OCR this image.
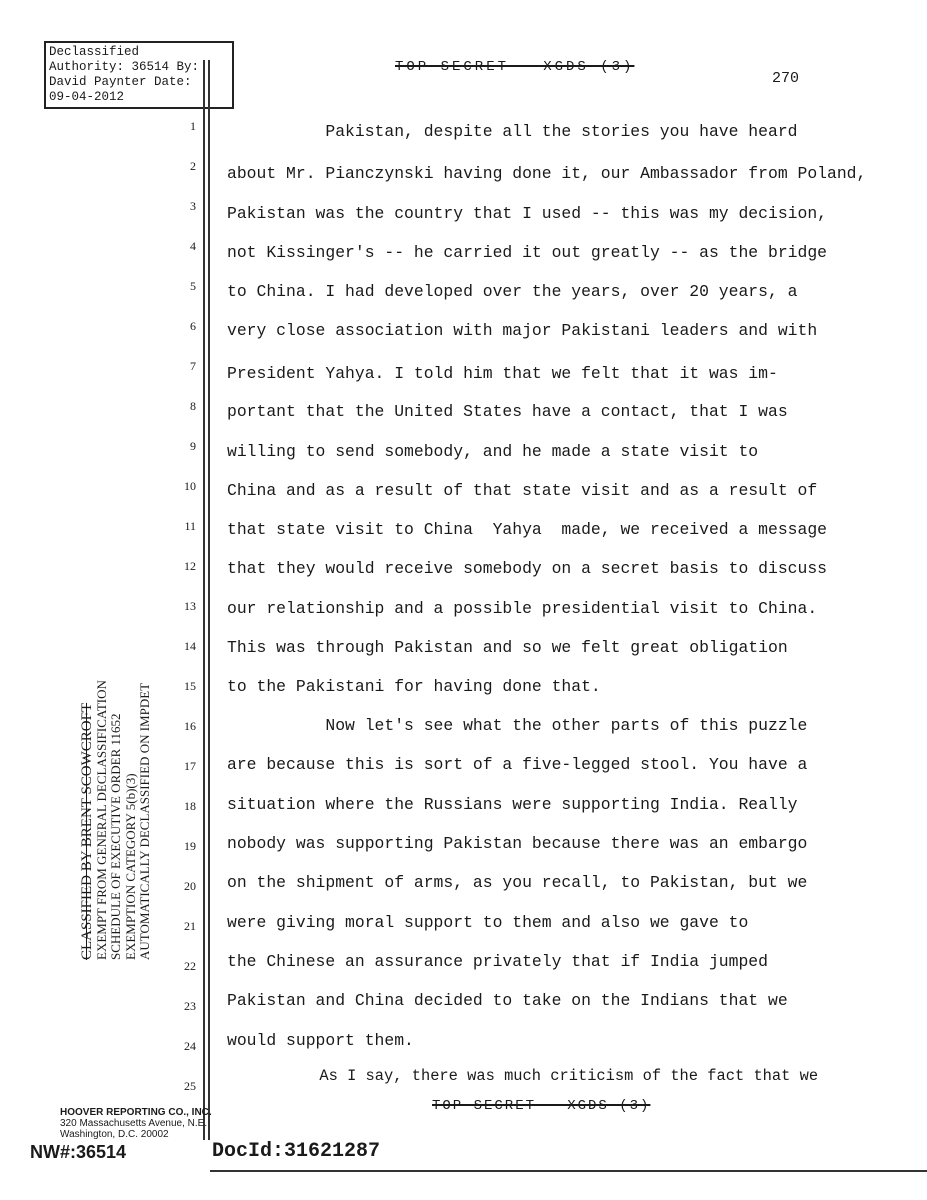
Declassified
Authority: 36514 By:
David Paynter Date:
09-04-2012
TOP SECRET - XGDS (3)
270
1
2
3
4
5
6
7
8
9
10
11
12
13
14
15
16
17
18
19
20
21
22
23
24
25
Pakistan, despite all the stories you have heard
about Mr. Pianczynski having done it, our Ambassador from Poland,
Pakistan was the country that I used -- this was my decision,
not Kissinger's -- he carried it out greatly -- as the bridge
to China. I had developed over the years, over 20 years, a
very close association with major Pakistani leaders and with
President Yahya. I told him that we felt that it was im-
portant that the United States have a contact, that I was
willing to send somebody, and he made a state visit to
China and as a result of that state visit and as a result of
that state visit to China  Yahya  made, we received a message
that they would receive somebody on a secret basis to discuss
our relationship and a possible presidential visit to China.
This was through Pakistan and so we felt great obligation
to the Pakistani for having done that.
Now let's see what the other parts of this puzzle
are because this is sort of a five-legged stool. You have a
situation where the Russians were supporting India. Really
nobody was supporting Pakistan because there was an embargo
on the shipment of arms, as you recall, to Pakistan, but we
were giving moral support to them and also we gave to
the Chinese an assurance privately that if India jumped
Pakistan and China decided to take on the Indians that we
would support them.
As I say, there was much criticism of the fact that we
CLASSIFIED BY BRENT SCOWCROFT
EXEMPT FROM GENERAL DECLASSIFICATION SCHEDULE OF EXECUTIVE ORDER 11652 EXEMPTION CATEGORY 5(b)(3) AUTOMATICALLY DECLASSIFIED ON IMPDET
TOP SECRET - XGDS (3)
HOOVER REPORTING CO., INC.
320 Massachusetts Avenue, N.E.
Washington, D.C. 20002
NW#:36514	DocId:31621287
